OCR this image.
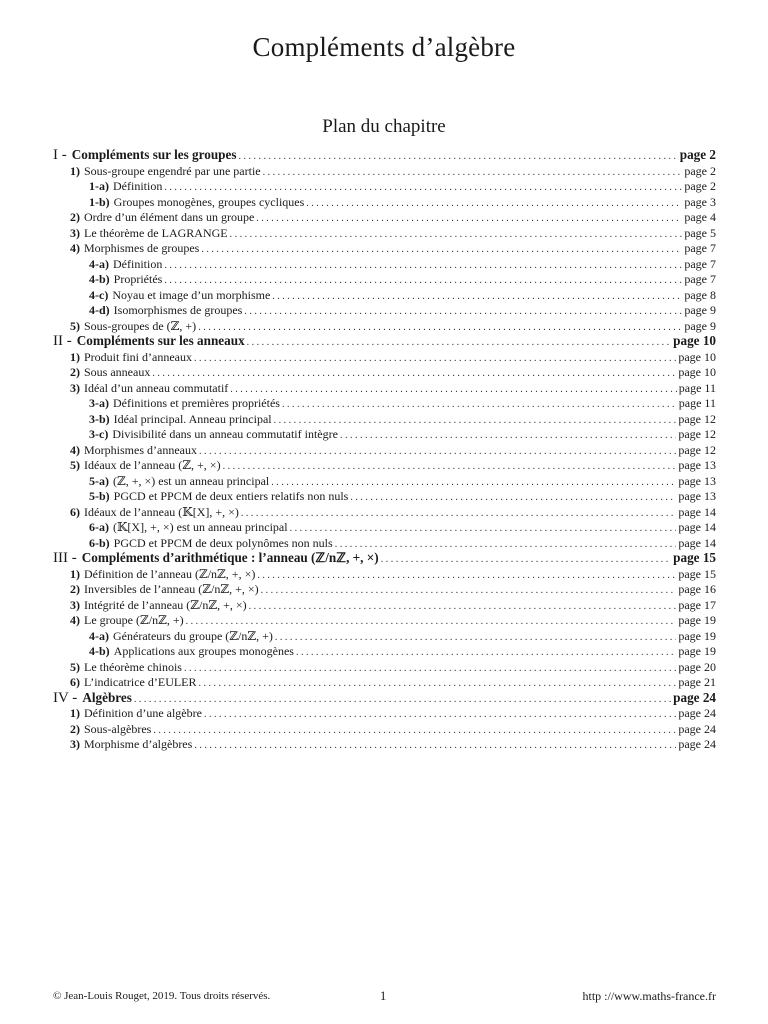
Compléments d’algèbre
Plan du chapitre
I - Compléments sur les groupes . . .	page 2
1) Sous-groupe engendré par une partie . . .	page 2
1-a) Définition . . .	page 2
1-b) Groupes monogènes, groupes cycliques . . .	page 3
2) Ordre d’un élément dans un groupe . . .	page 4
3) Le théorème de LAGRANGE . . .	page 5
4) Morphismes de groupes . . .	page 7
4-a) Définition . . .	page 7
4-b) Propriétés . . .	page 7
4-c) Noyau et image d’un morphisme . . .	page 8
4-d) Isomorphismes de groupes . . .	page 9
5) Sous-groupes de (ℤ, +) . . .	page 9
II - Compléments sur les anneaux . . .	page 10
1) Produit fini d’anneaux . . .	page 10
2) Sous anneaux . . .	page 10
3) Idéal d’un anneau commutatif . . .	page 11
3-a) Définitions et premières propriétés . . .	page 11
3-b) Idéal principal. Anneau principal . . .	page 12
3-c) Divisibilité dans un anneau commutatif intègre . . .	page 12
4) Morphismes d’anneaux . . .	page 12
5) Idéaux de l’anneau (ℤ, +, ×) . . .	page 13
5-a) (ℤ, +, ×) est un anneau principal . . .	page 13
5-b) PGCD et PPCM de deux entiers relatifs non nuls . . .	page 13
6) Idéaux de l’anneau (𝕂[X], +, ×) . . .	page 14
6-a) (𝕂[X], +, ×) est un anneau principal . . .	page 14
6-b) PGCD et PPCM de deux polynômes non nuls . . .	page 14
III - Compléments d’arithmétique : l’anneau (ℤ/nℤ, +, ×) . . .	page 15
1) Définition de l’anneau (ℤ/nℤ, +, ×) . . .	page 15
2) Inversibles de l’anneau (ℤ/nℤ, +, ×) . . .	page 16
3) Intégrité de l’anneau (ℤ/nℤ, +, ×) . . .	page 17
4) Le groupe (ℤ/nℤ, +) . . .	page 19
4-a) Générateurs du groupe (ℤ/nℤ, +) . . .	page 19
4-b) Applications aux groupes monogènes . . .	page 19
5) Le théorème chinois . . .	page 20
6) L’indicatrice d’EULER . . .	page 21
IV - Algèbres . . .	page 24
1) Définition d’une algèbre . . .	page 24
2) Sous-algèbres . . .	page 24
3) Morphisme d’algèbres . . .	page 24
© Jean-Louis Rouget, 2019. Tous droits réservés.	1	http ://www.maths-france.fr
